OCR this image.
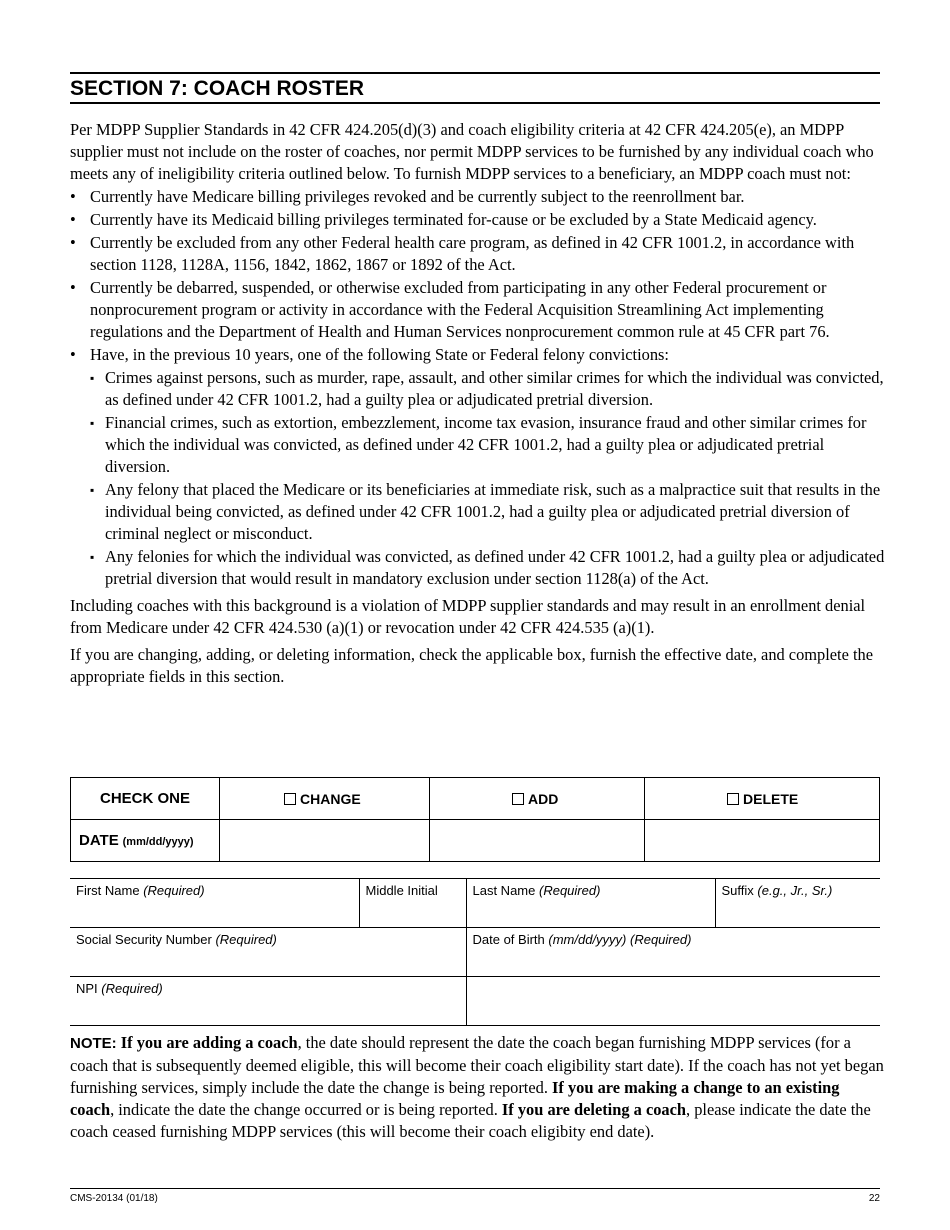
SECTION 7: COACH ROSTER
Per MDPP Supplier Standards in 42 CFR 424.205(d)(3) and coach eligibility criteria at 42 CFR 424.205(e), an MDPP supplier must not include on the roster of coaches, nor permit MDPP services to be furnished by any individual coach who meets any of ineligibility criteria outlined below. To furnish MDPP services to a beneficiary, an MDPP coach must not:
• Currently have Medicare billing privileges revoked and be currently subject to the reenrollment bar.
• Currently have its Medicaid billing privileges terminated for-cause or be excluded by a State Medicaid agency.
• Currently be excluded from any other Federal health care program, as defined in 42 CFR 1001.2, in accordance with section 1128, 1128A, 1156, 1842, 1862, 1867 or 1892 of the Act.
• Currently be debarred, suspended, or otherwise excluded from participating in any other Federal procurement or nonprocurement program or activity in accordance with the Federal Acquisition Streamlining Act implementing regulations and the Department of Health and Human Services nonprocurement common rule at 45 CFR part 76.
• Have, in the previous 10 years, one of the following State or Federal felony convictions:
▪ Crimes against persons, such as murder, rape, assault, and other similar crimes for which the individual was convicted, as defined under 42 CFR 1001.2, had a guilty plea or adjudicated pretrial diversion.
▪ Financial crimes, such as extortion, embezzlement, income tax evasion, insurance fraud and other similar crimes for which the individual was convicted, as defined under 42 CFR 1001.2, had a guilty plea or adjudicated pretrial diversion.
▪ Any felony that placed the Medicare or its beneficiaries at immediate risk, such as a malpractice suit that results in the individual being convicted, as defined under 42 CFR 1001.2, had a guilty plea or adjudicated pretrial diversion of criminal neglect or misconduct.
▪ Any felonies for which the individual was convicted, as defined under 42 CFR 1001.2, had a guilty plea or adjudicated pretrial diversion that would result in mandatory exclusion under section 1128(a) of the Act.
Including coaches with this background is a violation of MDPP supplier standards and may result in an enrollment denial from Medicare under 42 CFR 424.530 (a)(1) or revocation under 42 CFR 424.535 (a)(1).
If you are changing, adding, or deleting information, check the applicable box, furnish the effective date, and complete the appropriate fields in this section.
CHECK ONE	CHANGE	ADD	DELETE
DATE (mm/dd/yyyy)			
First Name (Required)	Middle Initial	Last Name (Required)	Suffix (e.g., Jr., Sr.)
Social Security Number (Required)		Date of Birth (mm/dd/yyyy) (Required)	
NPI (Required)			
NOTE: If you are adding a coach, the date should represent the date the coach began furnishing MDPP services (for a coach that is subsequently deemed eligible, this will become their coach eligibility start date). If the coach has not yet began furnishing services, simply include the date the change is being reported. If you are making a change to an existing coach, indicate the date the change occurred or is being reported. If you are deleting a coach, please indicate the date the coach ceased furnishing MDPP services (this will become their coach eligibity end date).
CMS-20134 (01/18)	22
